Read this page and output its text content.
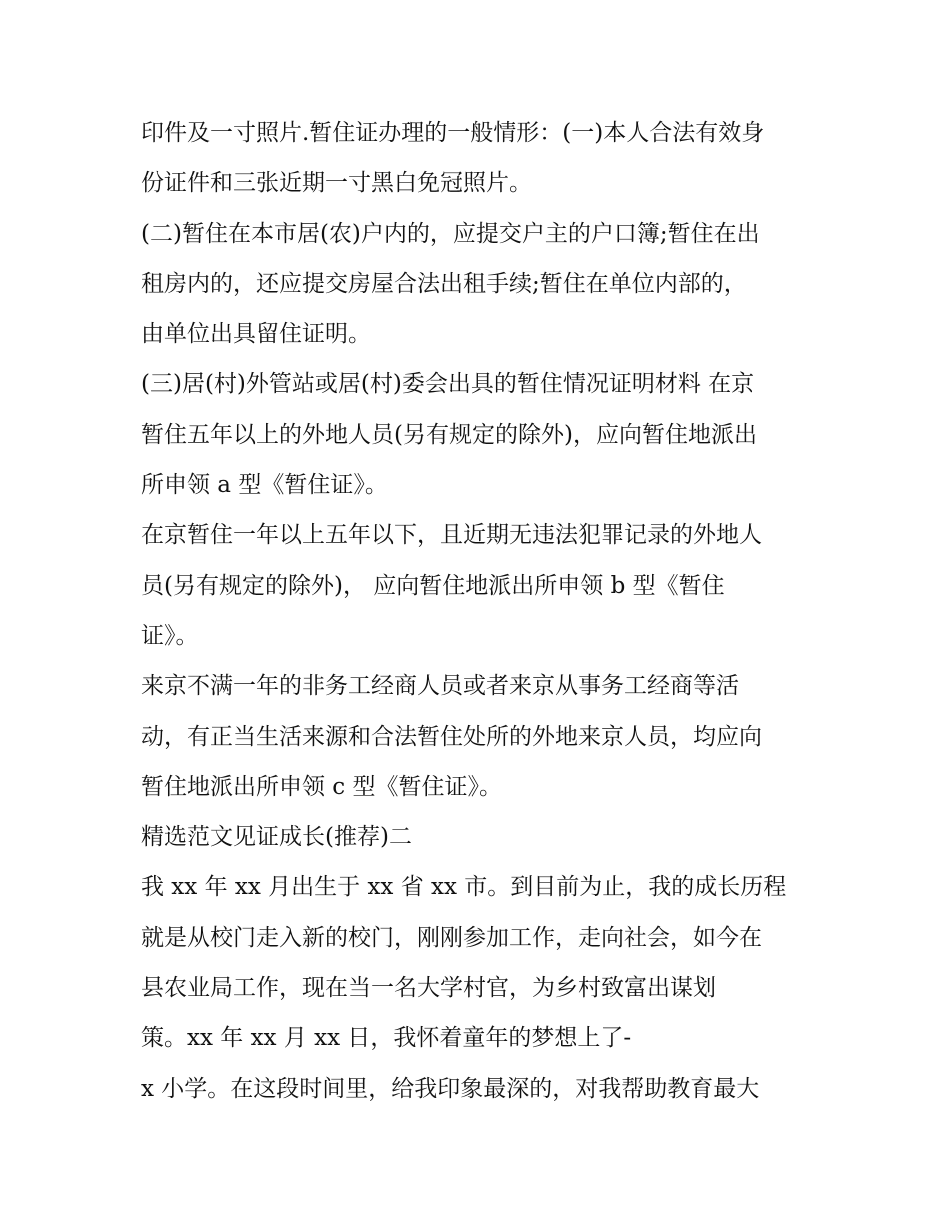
印件及一寸照片.暂住证办理的一般情形：(一)本人合法有效身
份证件和三张近期一寸黑白免冠照片。
(二)暂住在本市居(农)户内的，应提交户主的户口簿;暂住在出
租房内的，还应提交房屋合法出租手续;暂住在单位内部的，
由单位出具留住证明。
(三)居(村)外管站或居(村)委会出具的暂住情况证明材料 在京
暂住五年以上的外地人员(另有规定的除外)，应向暂住地派出
所申领 a 型《暂住证》。
在京暂住一年以上五年以下，且近期无违法犯罪记录的外地人
员(另有规定的除外)， 应向暂住地派出所申领 b 型《暂住
证》。
来京不满一年的非务工经商人员或者来京从事务工经商等活
动，有正当生活来源和合法暂住处所的外地来京人员，均应向
暂住地派出所申领 c 型《暂住证》。
精选范文见证成长(推荐)二
我 xx 年 xx 月出生于 xx 省 xx 市。到目前为止，我的成长历程
就是从校门走入新的校门，刚刚参加工作，走向社会，如今在
县农业局工作，现在当一名大学村官，为乡村致富出谋划
策。xx 年 xx 月 xx 日，我怀着童年的梦想上了-
x 小学。在这段时间里，给我印象最深的，对我帮助教育最大
